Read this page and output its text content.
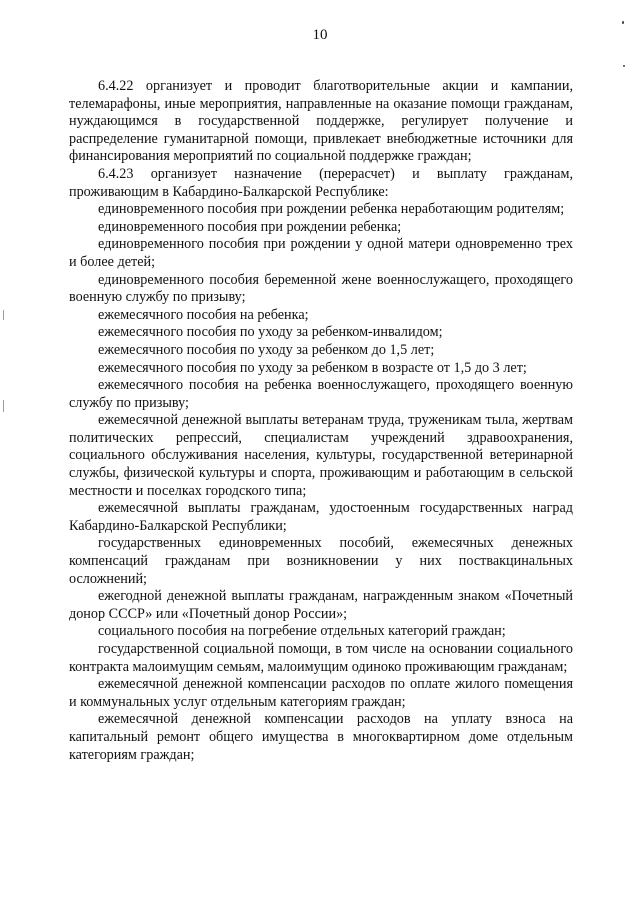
10

6.4.22 организует и проводит благотворительные акции и кампании, телемарафоны, иные мероприятия, направленные на оказание помощи гражданам, нуждающимся в государственной поддержке, регулирует получение и распределение гуманитарной помощи, привлекает внебюджетные источники для финансирования мероприятий по социальной поддержке граждан;

6.4.23 организует назначение (перерасчет) и выплату гражданам, проживающим в Кабардино-Балкарской Республике:

единовременного пособия при рождении ребенка неработающим родителям;

единовременного пособия при рождении ребенка;

единовременного пособия при рождении у одной матери одновременно трех и более детей;

единовременного пособия беременной жене военнослужащего, проходящего военную службу по призыву;

ежемесячного пособия на ребенка;

ежемесячного пособия по уходу за ребенком-инвалидом;

ежемесячного пособия по уходу за ребенком до 1,5 лет;

ежемесячного пособия по уходу за ребенком в возрасте от 1,5 до 3 лет;

ежемесячного пособия на ребенка военнослужащего, проходящего военную службу по призыву;

ежемесячной денежной выплаты ветеранам труда, труженикам тыла, жертвам политических репрессий, специалистам учреждений здравоохранения, социального обслуживания населения, культуры, государственной ветеринарной службы, физической культуры и спорта, проживающим и работающим в сельской местности и поселках городского типа;

ежемесячной выплаты гражданам, удостоенным государственных наград Кабардино-Балкарской Республики;

государственных единовременных пособий, ежемесячных денежных компенсаций гражданам при возникновении у них поствакцинальных осложнений;

ежегодной денежной выплаты гражданам, награжденным знаком «Почетный донор СССР» или «Почетный донор России»;

социального пособия на погребение отдельных категорий граждан;

государственной социальной помощи, в том числе на основании социального контракта малоимущим семьям, малоимущим одиноко проживающим гражданам;

ежемесячной денежной компенсации расходов по оплате жилого помещения и коммунальных услуг отдельным категориям граждан;

ежемесячной денежной компенсации расходов на уплату взноса на капитальный ремонт общего имущества в многоквартирном доме отдельным категориям граждан;
